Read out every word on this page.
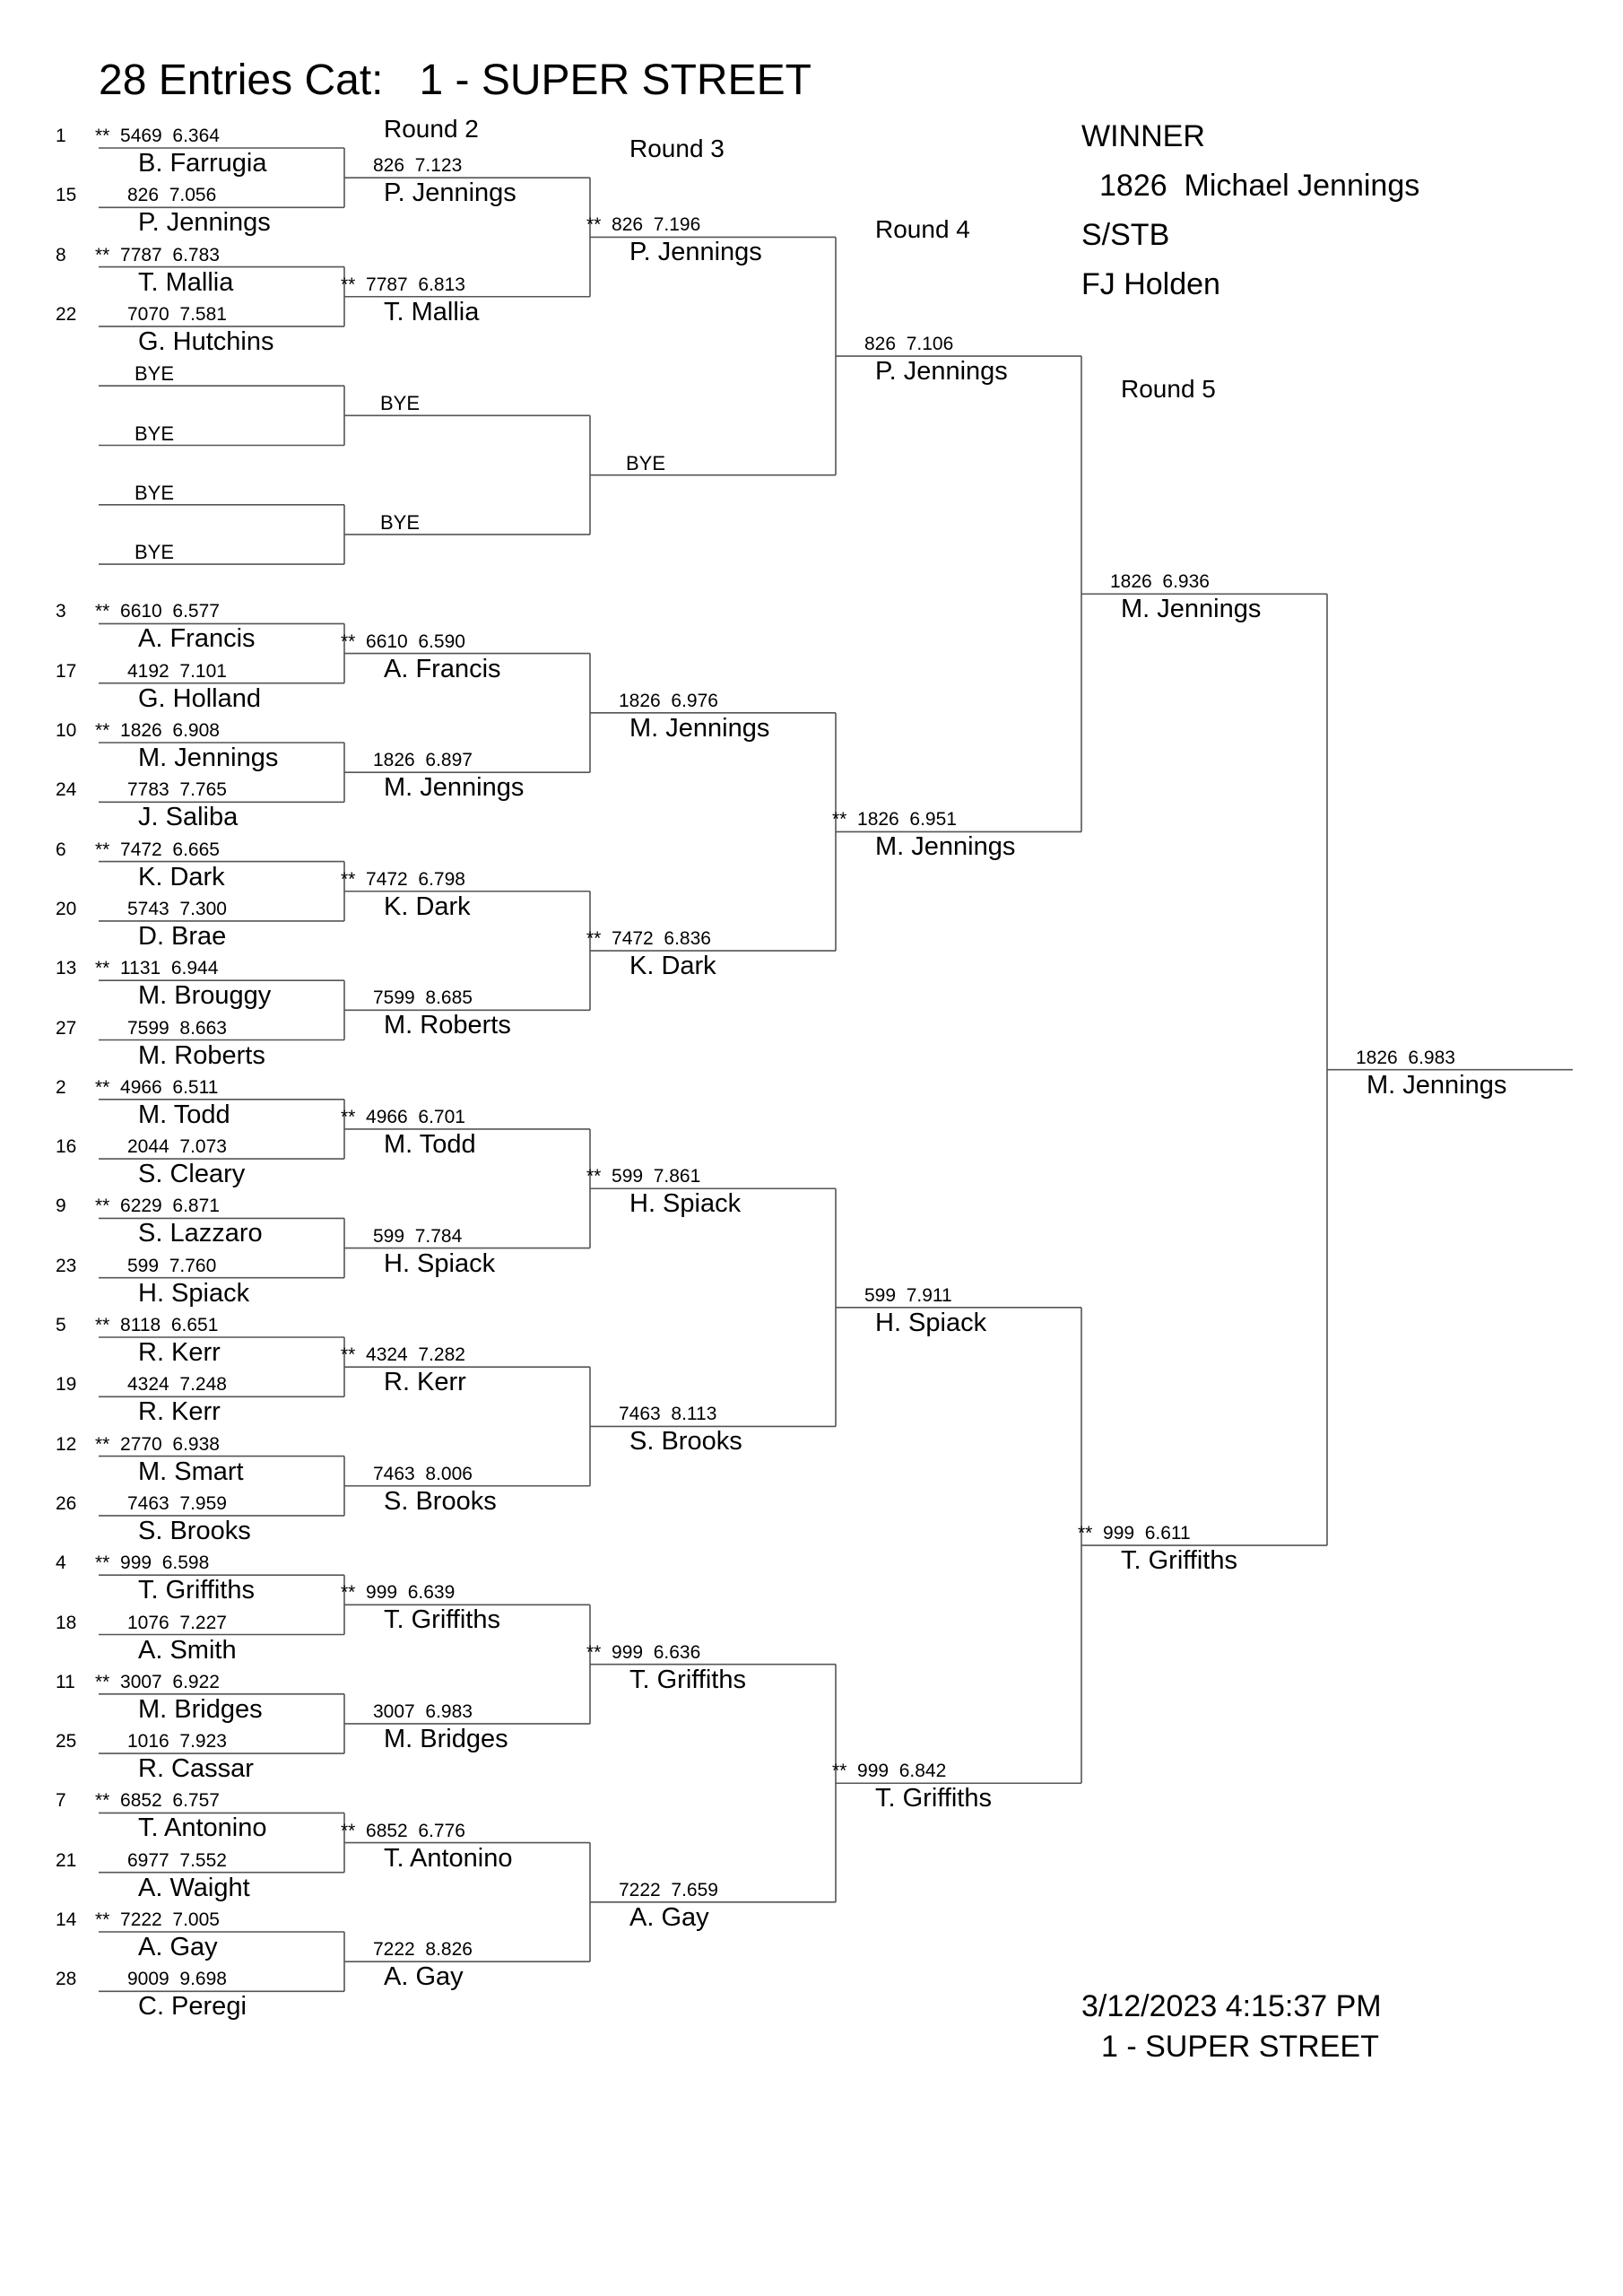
28 Entries Cat:   1 - SUPER STREET
Round 2
Round 3
Round 4
Round 5
WINNER
1826  Michael Jennings
S/STB
FJ Holden
3/12/2023 4:15:37 PM
1 - SUPER STREET
1 **  5469  6.364
B. Farrugia
15	826  7.056
P. Jennings
8 **  7787  6.783
T. Mallia
22	7070  7.581
G. Hutchins
BYE
BYE
BYE
BYE
3 **  6610  6.577
A. Francis
17	4192  7.101
G. Holland
10 **  1826  6.908
M. Jennings
24	7783  7.765
J. Saliba
6 **  7472  6.665
K. Dark
20	5743  7.300
D. Brae
13 **  1131  6.944
M. Brouggy
27	7599  8.663
M. Roberts
2 **  4966  6.511
M. Todd
16	2044  7.073
S. Cleary
9 **  6229  6.871
S. Lazzaro
23	599  7.760
H. Spiack
5 **  8118  6.651
R. Kerr
19	4324  7.248
R. Kerr
12 **  2770  6.938
M. Smart
26	7463  7.959
S. Brooks
4 **  999  6.598
T. Griffiths
18	1076  7.227
A. Smith
11 **  3007  6.922
M. Bridges
25	1016  7.923
R. Cassar
7 **  6852  6.757
T. Antonino
21	6977  7.552
A. Waight
14 **  7222  7.005
A. Gay
28	9009  9.698
C. Peregi
826  7.123
P. Jennings
**  7787  6.813
T. Mallia
BYE
BYE
**  6610  6.590
A. Francis
1826  6.897
M. Jennings
**  7472  6.798
K. Dark
7599  8.685
M. Roberts
**  4966  6.701
M. Todd
599  7.784
H. Spiack
**  4324  7.282
R. Kerr
7463  8.006
S. Brooks
**  999  6.639
T. Griffiths
3007  6.983
M. Bridges
**  6852  6.776
T. Antonino
7222  8.826
A. Gay
**  826  7.196
P. Jennings
BYE
1826  6.976
M. Jennings
**  7472  6.836
K. Dark
**  599  7.861
H. Spiack
7463  8.113
S. Brooks
**  999  6.636
T. Griffiths
7222  7.659
A. Gay
826  7.106
P. Jennings
**  1826  6.951
M. Jennings
599  7.911
H. Spiack
**  999  6.842
T. Griffiths
1826  6.936
M. Jennings
**  999  6.611
T. Griffiths
1826  6.983
M. Jennings
